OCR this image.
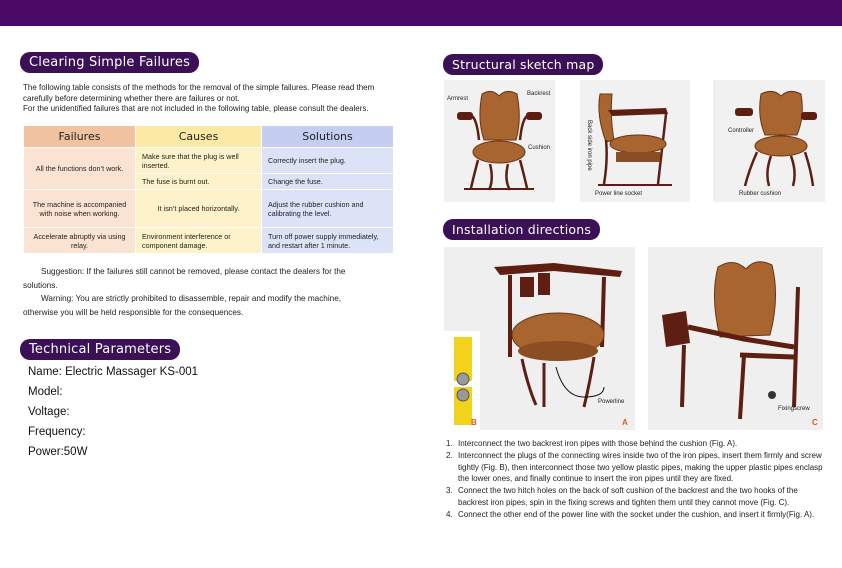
Clearing Simple Failures
The following table consists of the methods for the removal of the simple failures. Please read them
carefully before determining whether there are failures or not.
For the unidentified failures that are not included in the following table, please consult the dealers.
Failures	Causes	Solutions
All the functions don’t work.	Make sure that the plug is well inserted.	Correctly insert the plug.
	The fuse is burnt out.	Change the fuse.
The machine is accompanied with noise when working.	It isn’t placed horizontally.	Adjust the rubber cushion and calibrating the level.
Accelerate abruptly via using relay.	Environment interference or component damage.	Turn off power supply immediately, and restart after 1 minute.
Suggestion: If the failures still cannot be removed, please contact the dealers for the
solutions.
Warning: You are strictly prohibited to disassemble, repair and modify the machine,
otherwise you will be held responsible for the consequences.
Technical Parameters
Name: Electric Massager KS-001
Model:
Voltage:
Frequency:
Power:50W
Structural sketch map
Armrest
Backrest
Cushion	Back side iron pipe
Power line socket
Controller
Rubber cushion
Installation directions
Powerline
A
B
Fixingscrew
C
1. Interconnect the two backrest iron pipes with those behind the cushion (Fig. A).
2. Interconnect the plugs of the connecting wires inside two of the iron pipes, insert them firmly and screw tightly (Fig. B), then interconnect those two yellow plastic pipes, making the upper plastic pipes enclasp the lower ones, and finally continue to insert the iron pipes until they are fixed.
3. Connect the two hitch holes on the back of soft cushion of the backrest and the two hooks of the backrest iron pipes, spin in the fixing screws and tighten them until they cannot move (Fig. C).
4. Connect the other end of the power line with the socket under the cushion, and insert it firmly(Fig. A).
